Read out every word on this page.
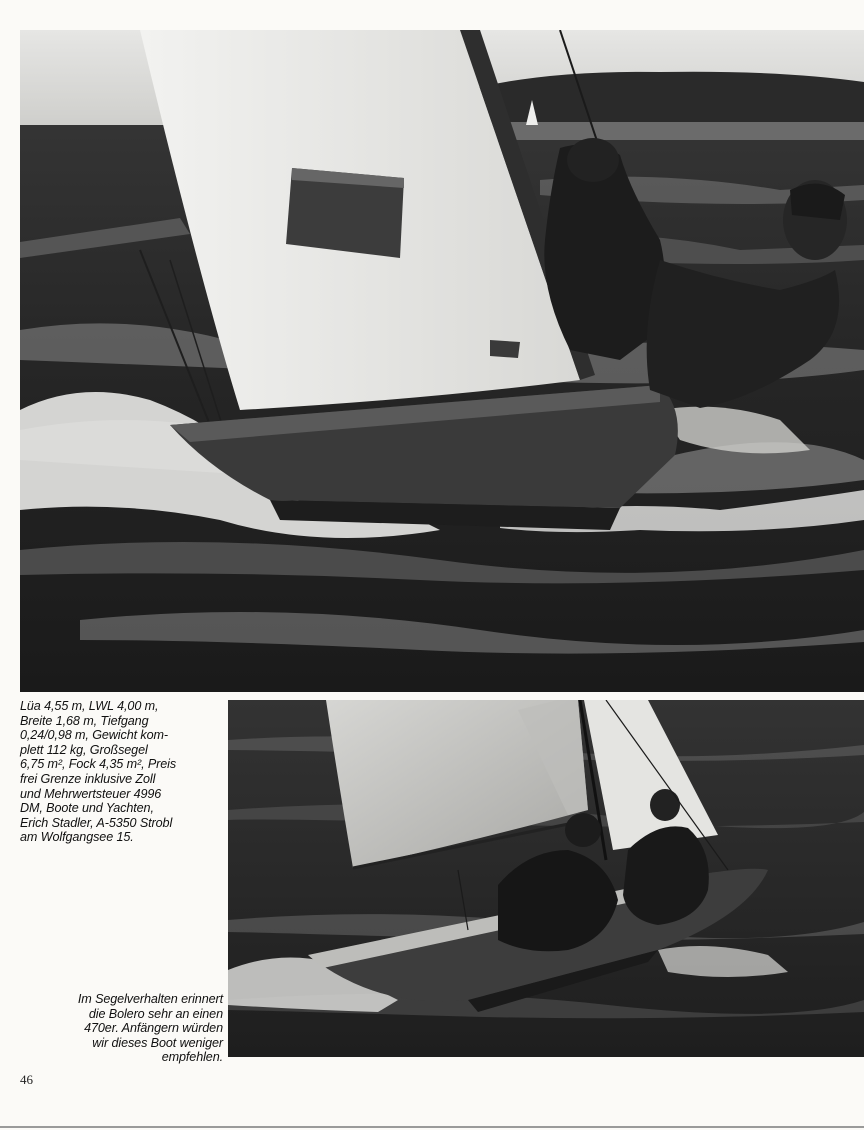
Lüa 4,55 m, LWL 4,00 m,
Breite 1,68 m, Tiefgang
0,24/0,98 m, Gewicht kom-
plett 112 kg, Großsegel
6,75 m², Fock 4,35 m², Preis
frei Grenze inklusive Zoll
und Mehrwertsteuer 4996
DM, Boote und Yachten,
Erich Stadler, A-5350 Strobl
am Wolfgangsee 15.
Im Segelverhalten erinnert
die Bolero sehr an einen
470er. Anfängern würden
wir dieses Boot weniger
empfehlen.
46
